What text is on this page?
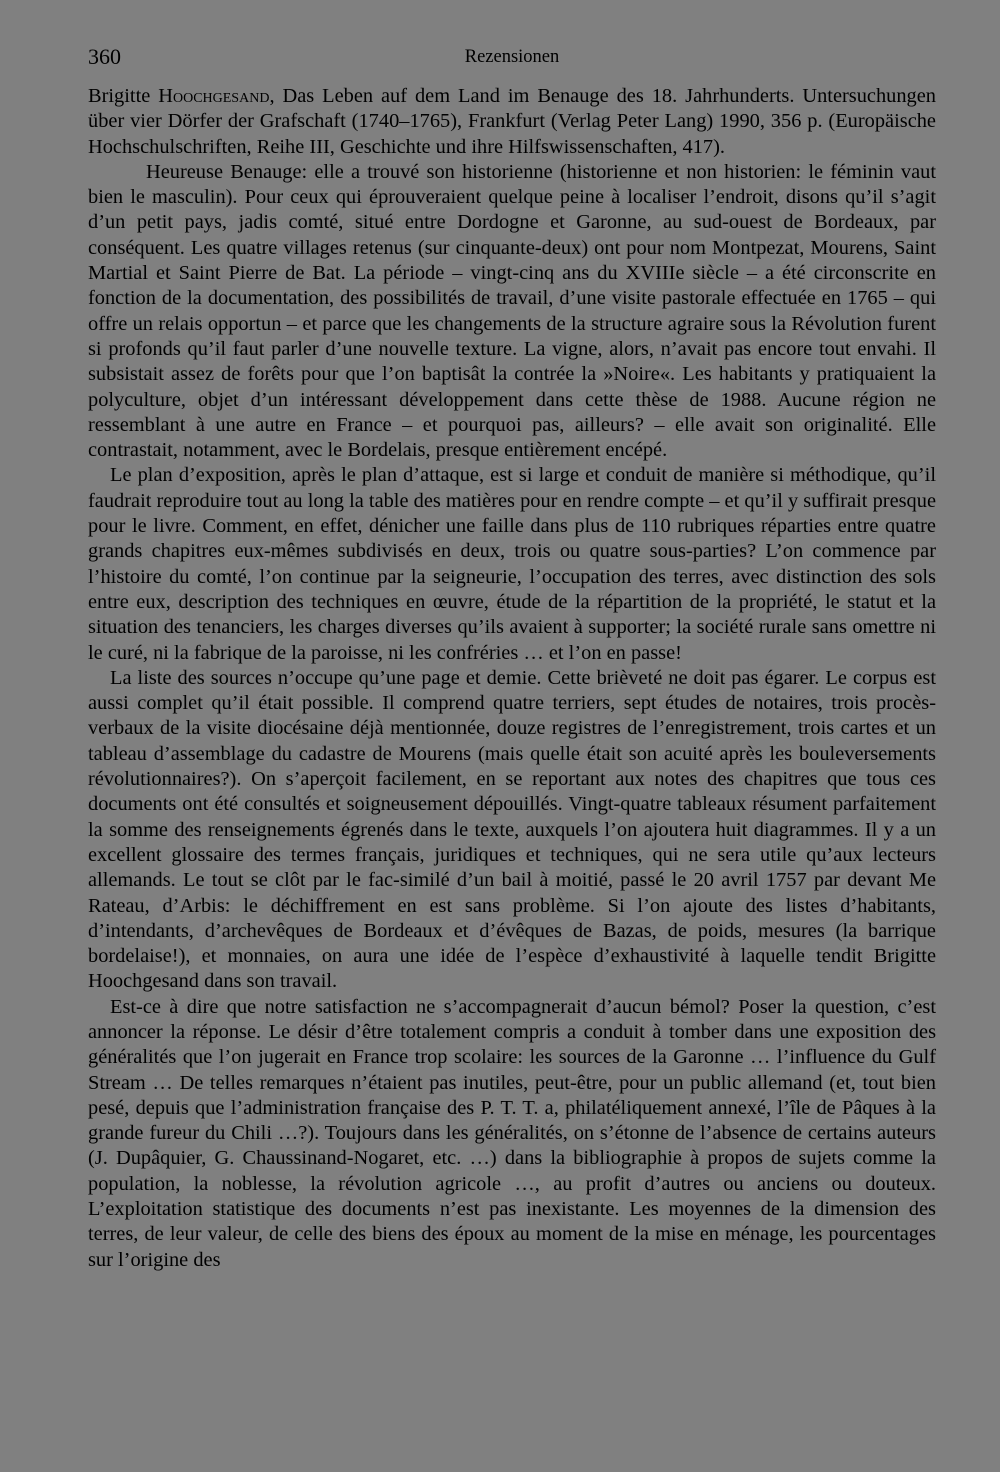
360	Rezensionen

Brigitte Hoochgesand, Das Leben auf dem Land im Benauge des 18. Jahrhunderts. Untersuchungen über vier Dörfer der Grafschaft (1740–1765), Frankfurt (Verlag Peter Lang) 1990, 356 p. (Europäische Hochschulschriften, Reihe III, Geschichte und ihre Hilfswissenschaften, 417).

Heureuse Benauge: elle a trouvé son historienne (historienne et non historien: le féminin vaut bien le masculin). Pour ceux qui éprouveraient quelque peine à localiser l’endroit, disons qu’il s’agit d’un petit pays, jadis comté, situé entre Dordogne et Garonne, au sud-ouest de Bordeaux, par conséquent. Les quatre villages retenus (sur cinquante-deux) ont pour nom Montpezat, Mourens, Saint Martial et Saint Pierre de Bat. La période – vingt-cinq ans du XVIIIe siècle – a été circonscrite en fonction de la documentation, des possibilités de travail, d’une visite pastorale effectuée en 1765 – qui offre un relais opportun – et parce que les changements de la structure agraire sous la Révolution furent si profonds qu’il faut parler d’une nouvelle texture. La vigne, alors, n’avait pas encore tout envahi. Il subsistait assez de forêts pour que l’on baptisât la contrée la »Noire«. Les habitants y pratiquaient la polyculture, objet d’un intéressant développement dans cette thèse de 1988. Aucune région ne ressemblant à une autre en France – et pourquoi pas, ailleurs? – elle avait son originalité. Elle contrastait, notamment, avec le Bordelais, presque entièrement encépé.

Le plan d’exposition, après le plan d’attaque, est si large et conduit de manière si méthodique, qu’il faudrait reproduire tout au long la table des matières pour en rendre compte – et qu’il y suffirait presque pour le livre. Comment, en effet, dénicher une faille dans plus de 110 rubriques réparties entre quatre grands chapitres eux-mêmes subdivisés en deux, trois ou quatre sous-parties? L’on commence par l’histoire du comté, l’on continue par la seigneurie, l’occupation des terres, avec distinction des sols entre eux, description des techniques en œuvre, étude de la répartition de la propriété, le statut et la situation des tenanciers, les charges diverses qu’ils avaient à supporter; la société rurale sans omettre ni le curé, ni la fabrique de la paroisse, ni les confréries … et l’on en passe!

La liste des sources n’occupe qu’une page et demie. Cette brièveté ne doit pas égarer. Le corpus est aussi complet qu’il était possible. Il comprend quatre terriers, sept études de notaires, trois procès-verbaux de la visite diocésaine déjà mentionnée, douze registres de l’enregistrement, trois cartes et un tableau d’assemblage du cadastre de Mourens (mais quelle était son acuité après les bouleversements révolutionnaires?). On s’aperçoit facilement, en se reportant aux notes des chapitres que tous ces documents ont été consultés et soigneusement dépouillés. Vingt-quatre tableaux résument parfaitement la somme des renseignements égrenés dans le texte, auxquels l’on ajoutera huit diagrammes. Il y a un excellent glossaire des termes français, juridiques et techniques, qui ne sera utile qu’aux lecteurs allemands. Le tout se clôt par le fac-similé d’un bail à moitié, passé le 20 avril 1757 par devant Me Rateau, d’Arbis: le déchiffrement en est sans problème. Si l’on ajoute des listes d’habitants, d’intendants, d’archevêques de Bordeaux et d’évêques de Bazas, de poids, mesures (la barrique bordelaise!), et monnaies, on aura une idée de l’espèce d’exhaustivité à laquelle tendit Brigitte Hoochgesand dans son travail.

Est-ce à dire que notre satisfaction ne s’accompagnerait d’aucun bémol? Poser la question, c’est annoncer la réponse. Le désir d’être totalement compris a conduit à tomber dans une exposition des généralités que l’on jugerait en France trop scolaire: les sources de la Garonne … l’influence du Gulf Stream … De telles remarques n’étaient pas inutiles, peut-être, pour un public allemand (et, tout bien pesé, depuis que l’administration française des P. T. T. a, philatéliquement annexé, l’île de Pâques à la grande fureur du Chili …?). Toujours dans les généralités, on s’étonne de l’absence de certains auteurs (J. Dupâquier, G. Chaussinand-Nogaret, etc. …) dans la bibliographie à propos de sujets comme la population, la noblesse, la révolution agricole …, au profit d’autres ou anciens ou douteux. L’exploitation statistique des documents n’est pas inexistante. Les moyennes de la dimension des terres, de leur valeur, de celle des biens des époux au moment de la mise en ménage, les pourcentages sur l’origine des
